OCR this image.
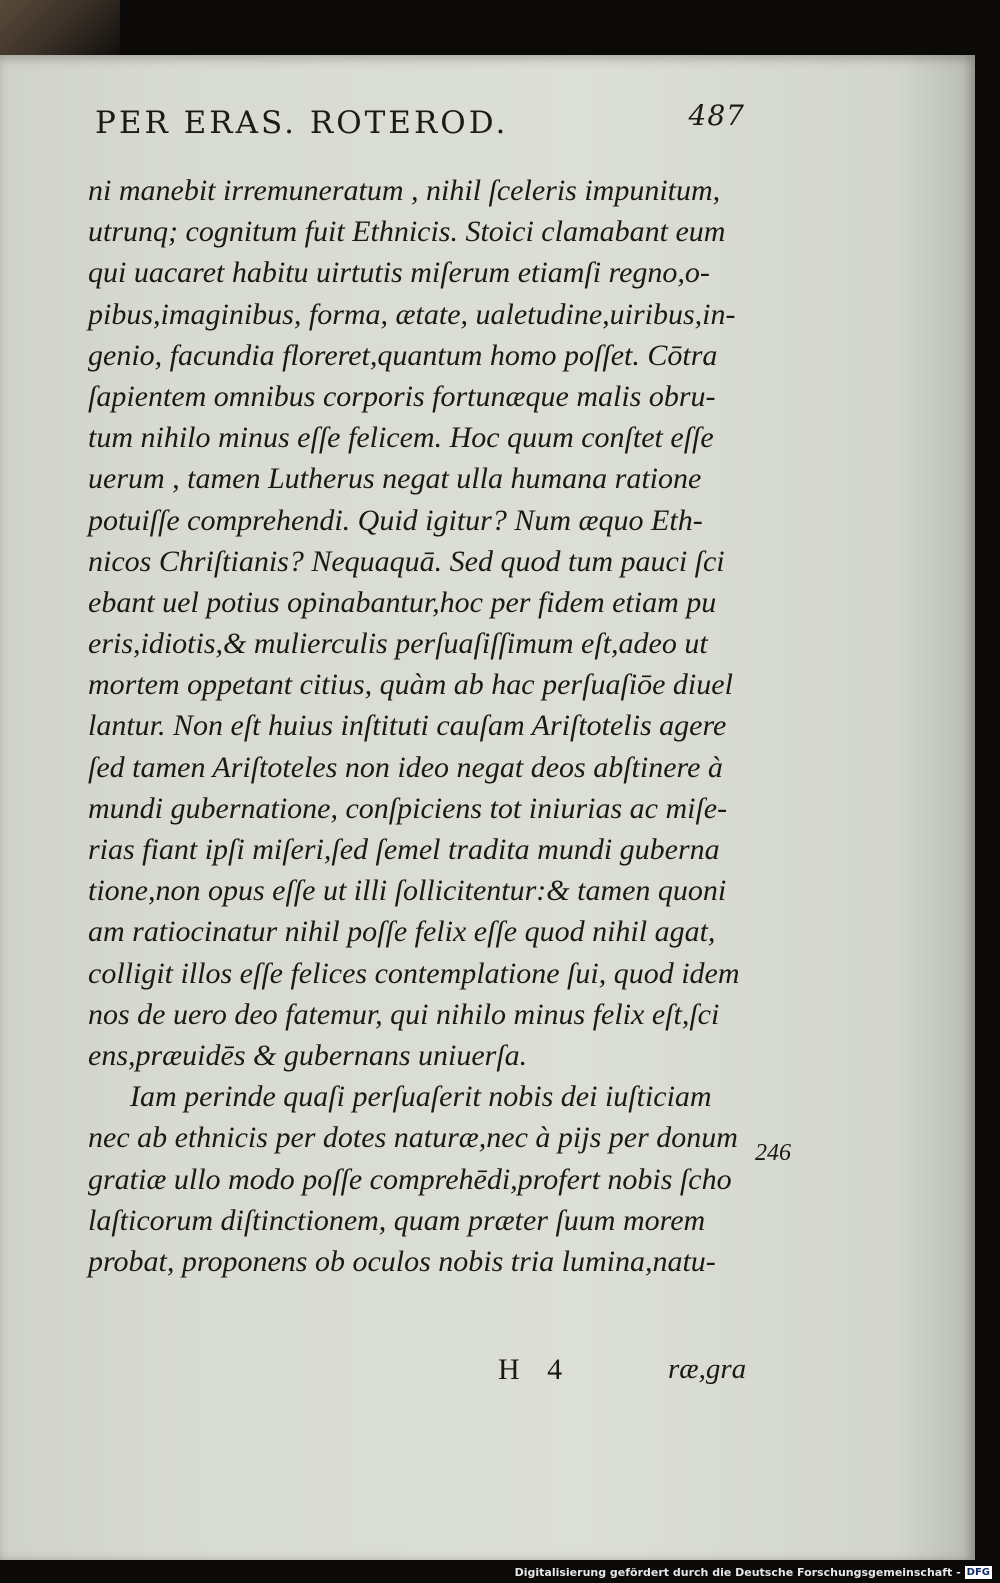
PER ERAS. ROTEROD.	487
ni manebit irremuneratum , nihil ſceleris impunitum,
utrunq; cognitum fuit Ethnicis. Stoici clamabant eum
qui uacaret habitu uirtutis miſerum etiamſi regno,o-
pibus,imaginibus, forma, ætate, ualetudine,uiribus,in-
genio, facundia floreret,quantum homo poſſet. Cōtra
ſapientem omnibus corporis fortunæque malis obru-
tum nihilo minus eſſe felicem. Hoc quum conſtet eſſe
uerum , tamen Lutherus negat ulla humana ratione
potuiſſe comprehendi. Quid igitur? Num æquo Eth-
nicos Chriſtianis? Nequaquā. Sed quod tum pauci ſci
ebant uel potius opinabantur,hoc per fidem etiam pu
eris,idiotis,& mulierculis perſuaſiſſimum eſt,adeo ut
mortem oppetant citius, quàm ab hac perſuaſiōe diuel
lantur. Non eſt huius inſtituti cauſam Ariſtotelis agere
ſed tamen Ariſtoteles non ideo negat deos abſtinere à
mundi gubernatione, conſpiciens tot iniurias ac miſe-
rias fiant ipſi miſeri,ſed ſemel tradita mundi guberna
tione,non opus eſſe ut illi ſollicitentur:& tamen quoni
am ratiocinatur nihil poſſe felix eſſe quod nihil agat,
colligit illos eſſe felices contemplatione ſui, quod idem
nos de uero deo fatemur, qui nihilo minus felix eſt,ſci
ens,præuidēs & gubernans uniuerſa.
Iam perinde quaſi perſuaſerit nobis dei iuſticiam
nec ab ethnicis per dotes naturæ,nec à pijs per donum
gratiæ ullo modo poſſe comprehēdi,profert nobis ſcho
laſticorum diſtinctionem, quam præter ſuum morem
probat, proponens ob oculos nobis tria lumina,natu-
246
H 4	ræ,gra
Digitalisierung gefördert durch die Deutsche Forschungsgemeinschaft - DFG
